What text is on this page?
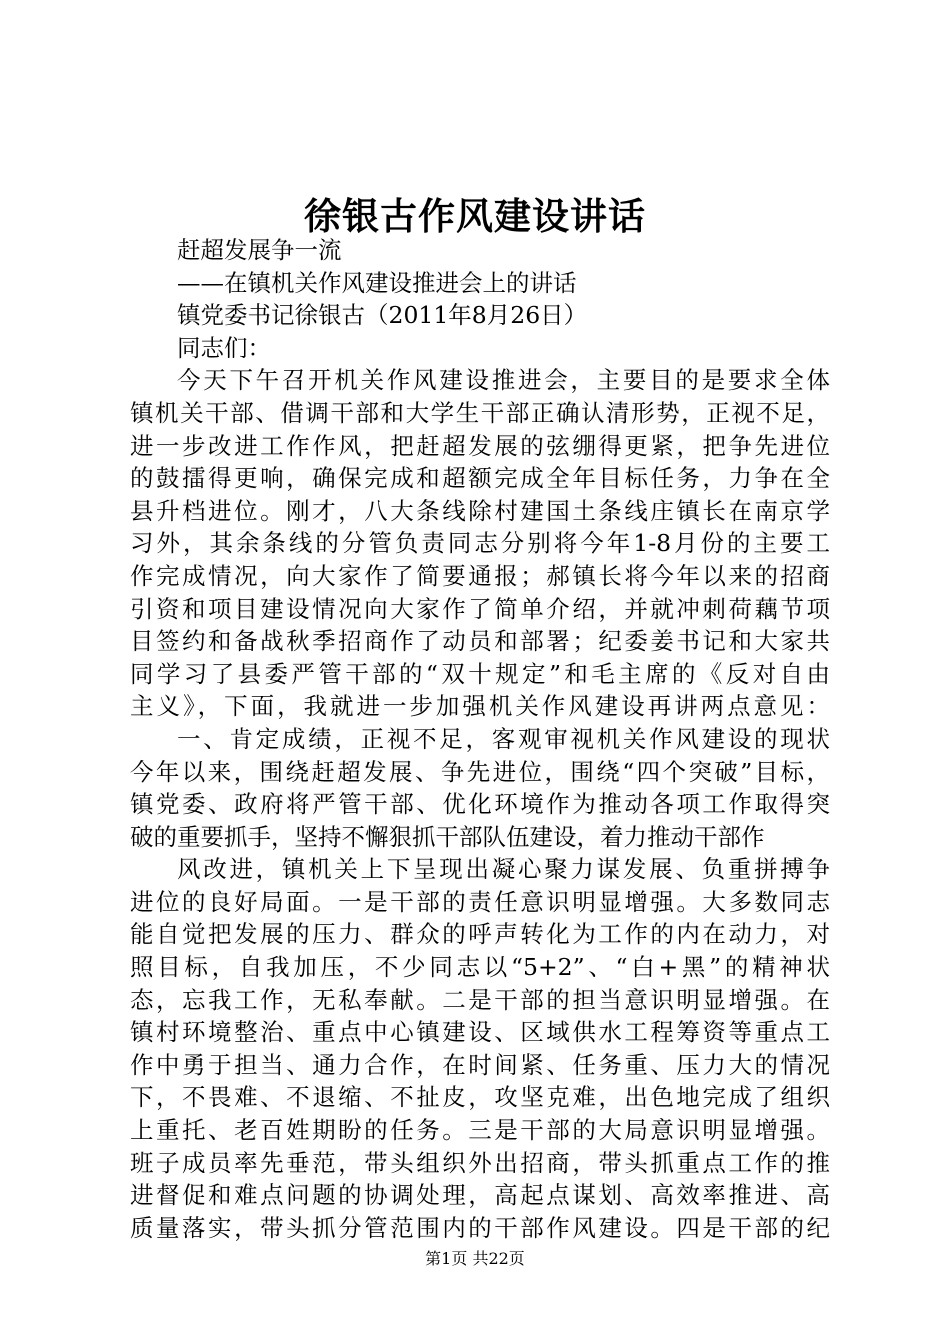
徐银古作风建设讲话
赶超发展争一流
——在镇机关作风建设推进会上的讲话
镇党委书记徐银古（2011年8月26日）
同志们：
今天下午召开机关作风建设推进会，主要目的是要求全体
镇机关干部、借调干部和大学生干部正确认清形势，正视不足，
进一步改进工作作风，把赶超发展的弦绷得更紧，把争先进位
的鼓擂得更响，确保完成和超额完成全年目标任务，力争在全
县升档进位。刚才，八大条线除村建国土条线庄镇长在南京学
习外，其余条线的分管负责同志分别将今年1-8月份的主要工
作完成情况，向大家作了简要通报；郝镇长将今年以来的招商
引资和项目建设情况向大家作了简单介绍，并就冲刺荷藕节项
目签约和备战秋季招商作了动员和部署；纪委姜书记和大家共
同学习了县委严管干部的“双十规定”和毛主席的《反对自由
主义》，下面，我就进一步加强机关作风建设再讲两点意见：
一、肯定成绩，正视不足，客观审视机关作风建设的现状
今年以来，围绕赶超发展、争先进位，围绕“四个突破”目标，
镇党委、政府将严管干部、优化环境作为推动各项工作取得突
破的重要抓手，坚持不懈狠抓干部队伍建设，着力推动干部作
风改进，镇机关上下呈现出凝心聚力谋发展、负重拼搏争
进位的良好局面。一是干部的责任意识明显增强。大多数同志
能自觉把发展的压力、群众的呼声转化为工作的内在动力，对
照目标，自我加压，不少同志以“5+2”、“白+黑”的精神状
态，忘我工作，无私奉献。二是干部的担当意识明显增强。在
镇村环境整治、重点中心镇建设、区域供水工程筹资等重点工
作中勇于担当、通力合作，在时间紧、任务重、压力大的情况
下，不畏难、不退缩、不扯皮，攻坚克难，出色地完成了组织
上重托、老百姓期盼的任务。三是干部的大局意识明显增强。
班子成员率先垂范，带头组织外出招商，带头抓重点工作的推
进督促和难点问题的协调处理，高起点谋划、高效率推进、高
质量落实，带头抓分管范围内的干部作风建设。四是干部的纪
第1页 共22页
